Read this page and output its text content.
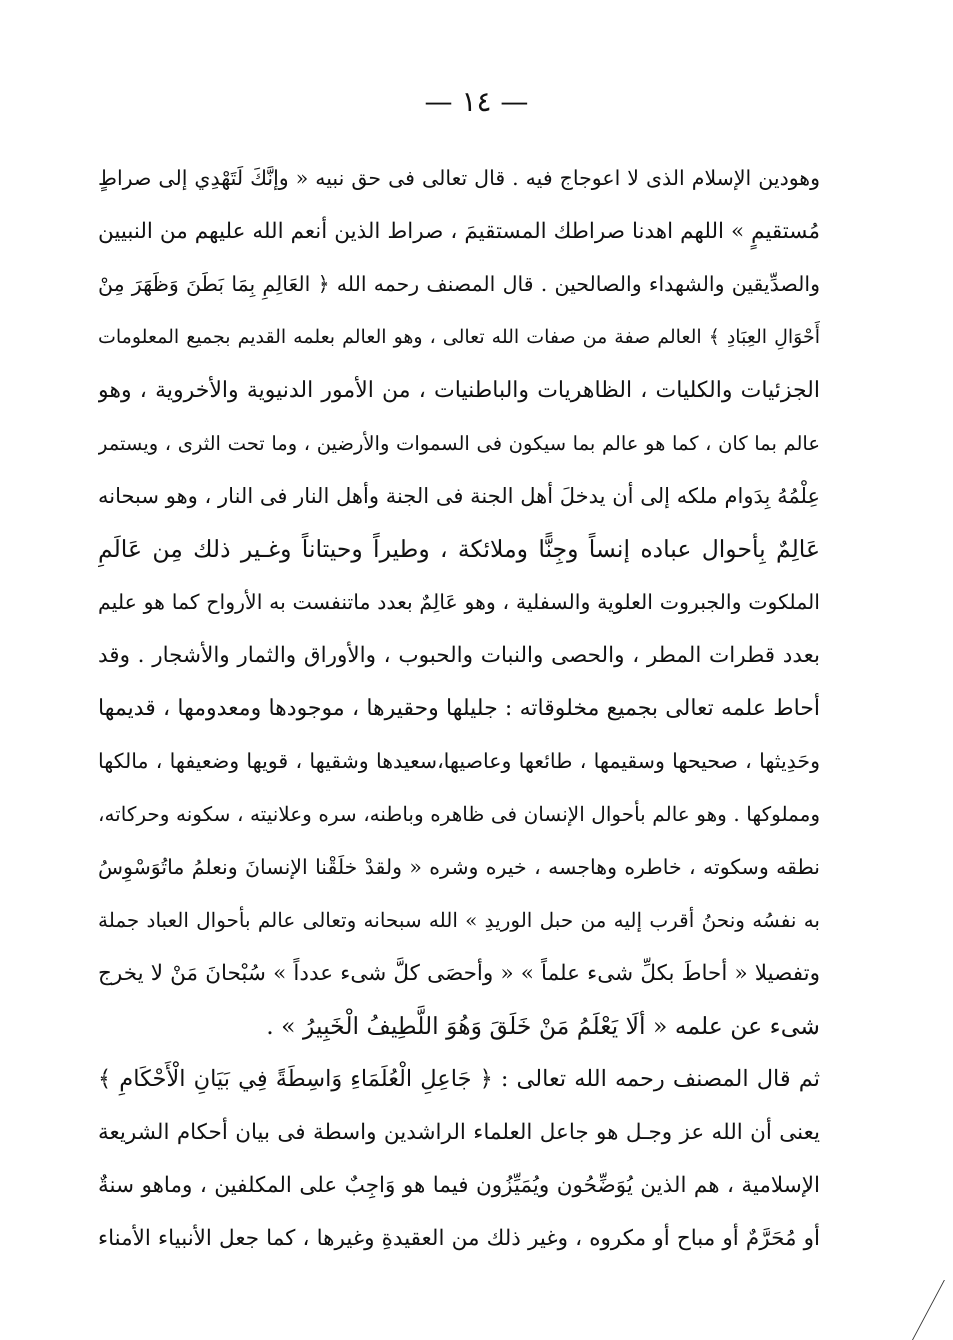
— ١٤ —
وهودين الإسلام الذى لا اعوجاج فيه . قال تعالى فى حق نبيه « وإنَّكَ لَتَهْدِي إلى صراطٍ
مُستقيمٍ » اللهم اهدنا صراطك المستقيمَ ، صراط الذين أنعم الله عليهم من النبيين
والصدِّيقين والشهداء والصالحين . قال المصنف رحمه الله ﴿ العَالِمِ بِمَا بَطَنَ وَظَهَرَ مِنْ
أَحْوَالِ العِبَادِ ﴾ العالم صفة من صفات الله تعالى ، وهو العالم بعلمه القديم بجميع المعلومات
الجزئيات والكليات ، الظاهريات والباطنيات ، من الأمور الدنيوية والأخروية ، وهو
عالم بما كان ، كما هو عالم بما سيكون فى السموات والأرضين ، وما تحت الثرى ، ويستمر
عِلْمُهُ بِدَوام ملكه إلى أن يدخلَ أهل الجنة فى الجنة وأهل النار فى النار ، وهو سبحانه
عَالِمٌ بِأحوال عباده إنساً وجِنًّا وملائكة ، وطيراً وحيتاناً وغـير ذلك مِن عَالَمِ
الملكوت والجبروت العلوية والسفلية ، وهو عَالِمٌ بعدد ماتنفست به الأرواح كما هو عليم
بعدد قطرات المطر ، والحصى والنبات والحبوب ، والأوراق والثمار والأشجار . وقد
أحاط علمه تعالى بجميع مخلوقاته : جليلها وحقيرها ، موجودها ومعدومها ، قديمها
وحَدِيثها ، صحيحها وسقيمها ، طائعها وعاصيها،سعيدها وشقيها ، قويها وضعيفها ، مالكها
ومملوكها . وهو عالم بأحوال الإنسان فى ظاهره وباطنه، سره وعلانيته ، سكونه وحركاته،
نطقه وسكوته ، خاطره وهاجسه ، خيره وشره « ولقدْ خلَقْنا الإنسانَ ونعلمُ ماتُوَسْوِسُ
به نفسُه ونحنُ أقرب إليه من حبل الوريدِ » الله سبحانه وتعالى عالم بأحوال العباد جملة
وتفصيلا « أحاطَ بكلِّ شىء علماً » « وأحصَى كلَّ شىء عدداً » سُبْحانَ مَنْ لا يخرج
شىء عن علمه « ألَا يَعْلَمُ مَنْ خَلَقَ وَهُوَ اللَّطِيفُ الْخَبِيرُ » .
ثم قال المصنف رحمه الله تعالى : ﴿ جَاعِلِ الْعُلَمَاءِ وَاسِطَةً فِي بَيَانِ الْأَحْكَامِ ﴾
يعنى أن الله عز وجـل هو جاعل العلماء الراشدين واسطة فى بيان أحكام الشريعة
الإسلامية ، هم الذين يُوَضِّحُون ويُمَيِّزُون فيما هو وَاجِبٌ على المكلفين ، وماهو سنةٌ
أو مُحَرَّمٌ أو مباح أو مكروه ، وغير ذلك من العقيدةِ وغيرها ، كما جعل الأنبياء الأمناء
